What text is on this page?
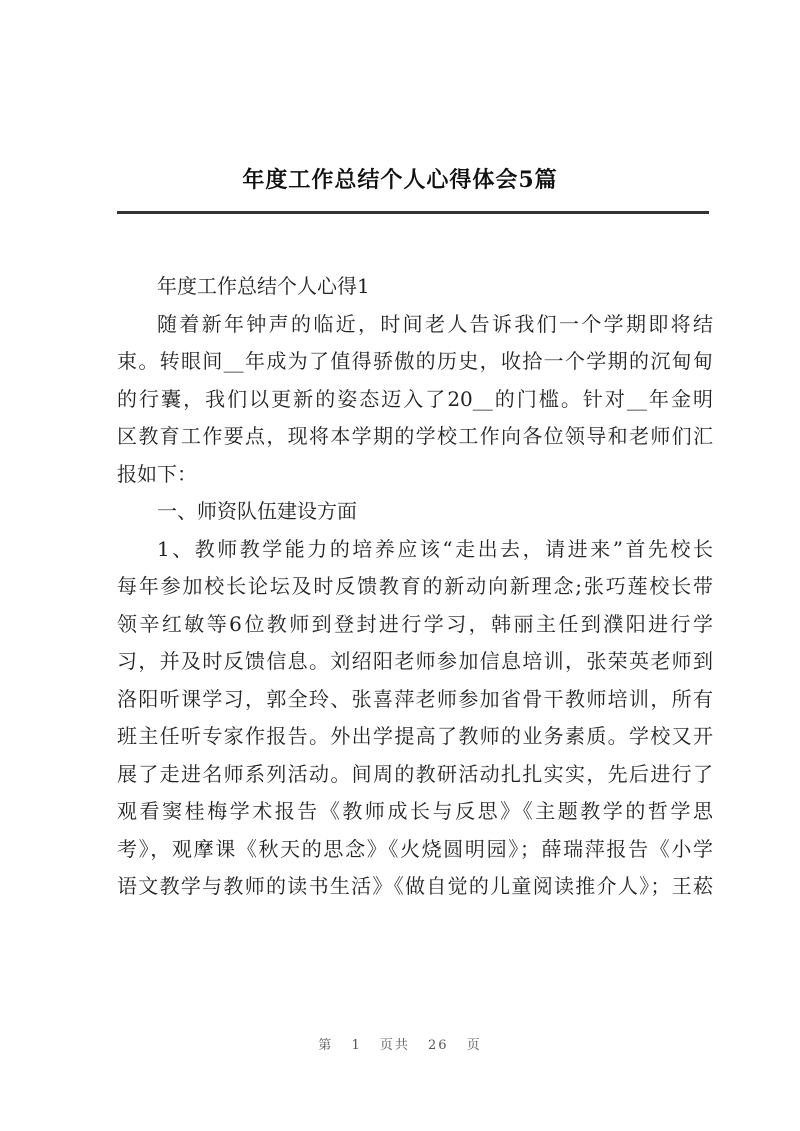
年度工作总结个人心得体会5篇

年度工作总结个人心得1

随着新年钟声的临近，时间老人告诉我们一个学期即将结
束。转眼间__年成为了值得骄傲的历史，收拾一个学期的沉甸甸
的行囊，我们以更新的姿态迈入了20__的门槛。针对__年金明
区教育工作要点，现将本学期的学校工作向各位领导和老师们汇
报如下：

一、师资队伍建设方面

1、教师教学能力的培养应该“走出去，请进来”首先校长
每年参加校长论坛及时反馈教育的新动向新理念;张巧莲校长带
领辛红敏等6位教师到登封进行学习，韩丽主任到濮阳进行学
习，并及时反馈信息。刘绍阳老师参加信息培训，张荣英老师到
洛阳听课学习，郭全玲、张喜萍老师参加省骨干教师培训，所有
班主任听专家作报告。外出学提高了教师的业务素质。学校又开
展了走进名师系列活动。间周的教研活动扎扎实实，先后进行了
观看窦桂梅学术报告《教师成长与反思》《主题教学的哲学思
考》，观摩课《秋天的思念》《火烧圆明园》；薛瑞萍报告《小学
语文教学与教师的读书生活》《做自觉的儿童阅读推介人》；王菘

第 1 页共 26 页
